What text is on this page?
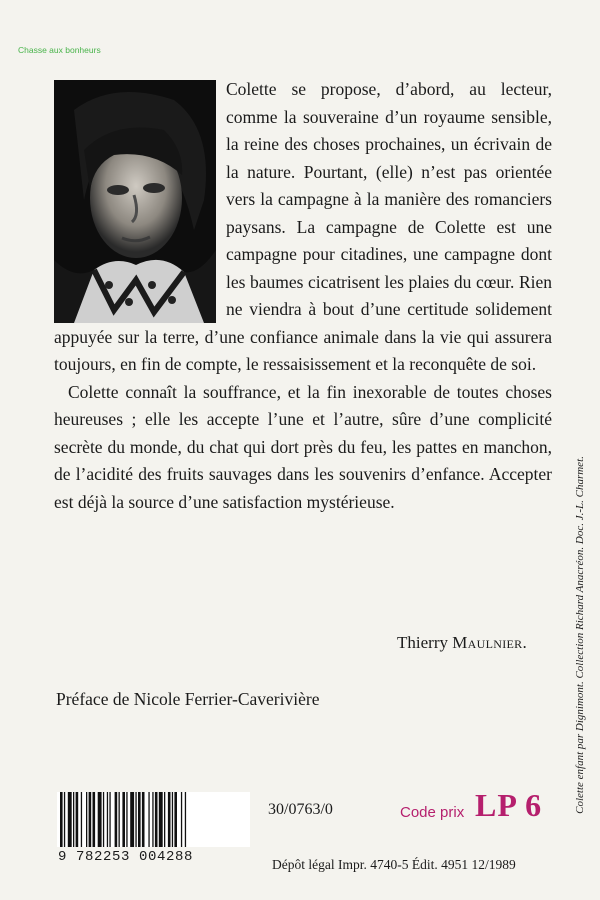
Chasse aux bonheurs

Colette se propose, d’abord, au lecteur, comme la souveraine d’un royaume sensible, la reine des choses prochaines, un écrivain de la nature. Pourtant, (elle) n’est pas orientée vers la campagne à la manière des romanciers paysans. La campagne de Colette est une campagne pour citadines, une campagne dont les baumes cicatrisent les plaies du cœur. Rien ne viendra à bout d’une certitude solidement appuyée sur la terre, d’une confiance animale dans la vie qui assurera toujours, en fin de compte, le ressaisissement et la reconquête de soi.

Colette connaît la souffrance, et la fin inexorable de toutes choses heureuses ; elle les accepte l’une et l’autre, sûre d’une complicité secrète du monde, du chat qui dort près du feu, les pattes en manchon, de l’acidité des fruits sauvages dans les souvenirs d’enfance. Accepter est déjà la source d’une satisfaction mystérieuse.

Thierry Maulnier.
Préface de Nicole Ferrier-Caverivière	Colette enfant par Dignimont. Collection Richard Anacréon. Doc. J.-L. Charmet.
9 782253 004288
30/0763/0	Code prix LP 6
Dépôt légal Impr. 4740-5 Édit. 4951 12/1989
